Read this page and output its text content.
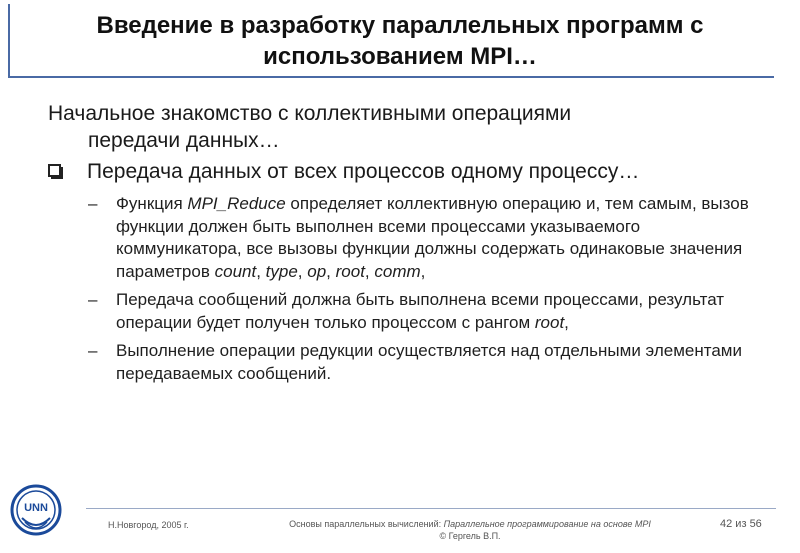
Введение в разработку параллельных программ с
использованием MPI…
Начальное знакомство с коллективными операциями
передачи данных…
Передача данных от всех процессов одному процессу…
–	Функция MPI_Reduce определяет коллективную операцию и, тем самым, вызов функции должен быть выполнен всеми процессами указываемого коммуникатора, все вызовы функции должны содержать одинаковые значения параметров count, type, op, root, comm,
–	Передача сообщений должна быть выполнена всеми процессами, результат операции будет получен только процессом с рангом root,
–	Выполнение операции редукции осуществляется над отдельными элементами передаваемых сообщений.
UNN
Н.Новгород, 2005 г.	Основы параллельных вычислений: Параллельное программирование на основе MPI
© Гергель В.П.
42 из 56
